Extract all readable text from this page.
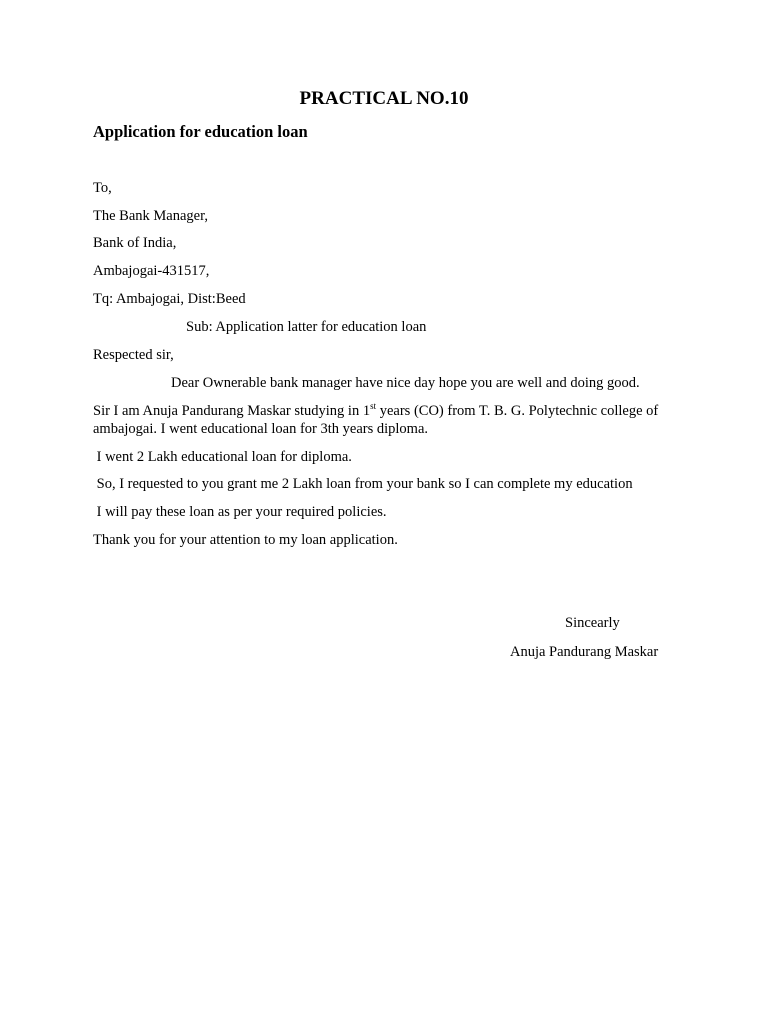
PRACTICAL NO.10
Application for education loan

To,

The Bank Manager,

Bank of India,

Ambajogai-431517,

Tq: Ambajogai, Dist:Beed

Sub: Application latter for education loan

Respected sir,

Dear Ownerable bank manager have nice day hope you are well and doing good.

Sir I am Anuja Pandurang Maskar studying in 1st years (CO) from T. B. G. Polytechnic college of ambajogai. I went educational loan for 3th years diploma.

I went 2 Lakh educational loan for diploma.

So, I requested to you grant me 2 Lakh loan from your bank so I can complete my education

I will pay these loan as per your required policies.

Thank you for your attention to my loan application.

Sincearly

Anuja Pandurang Maskar
